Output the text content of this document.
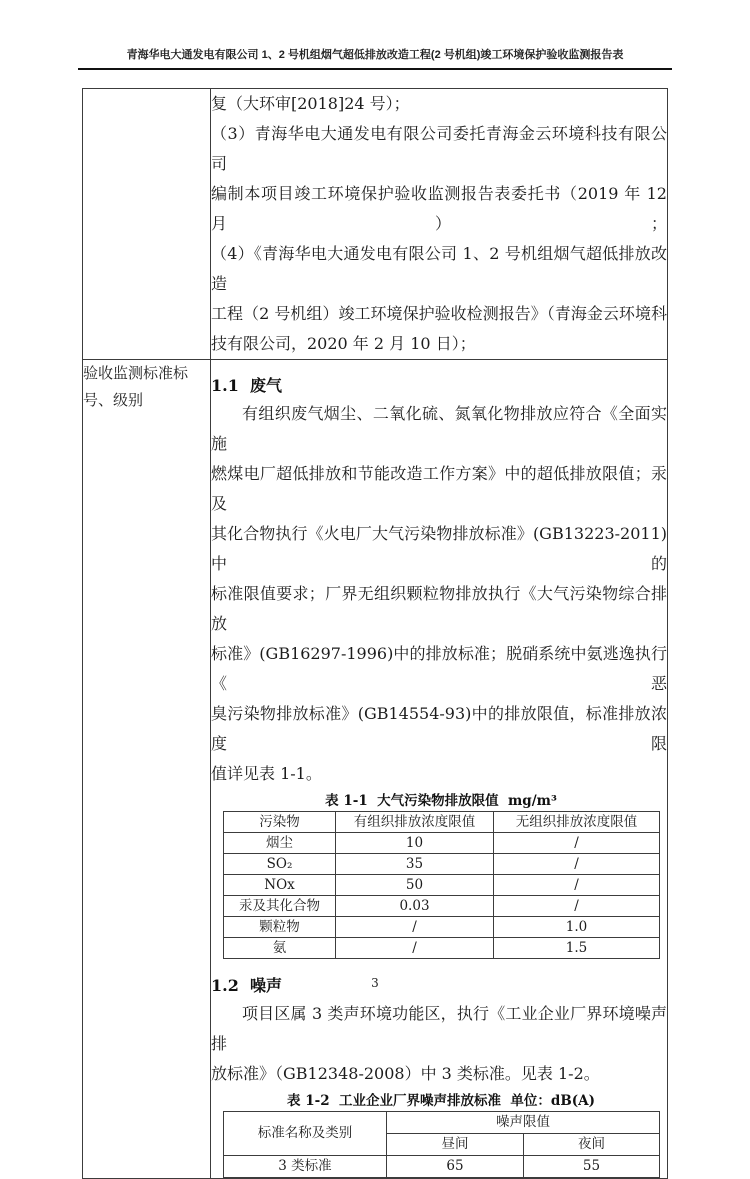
青海华电大通发电有限公司 1、2 号机组烟气超低排放改造工程(2 号机组)竣工环境保护验收监测报告表

复（大环审[2018]24 号）；
（3）青海华电大通发电有限公司委托青海金云环境科技有限公司
编制本项目竣工环境保护验收监测报告表委托书（2019 年 12 月）；
（4）《青海华电大通发电有限公司 1、2 号机组烟气超低排放改造
工程（2 号机组）竣工环境保护验收检测报告》（青海金云环境科
技有限公司，2020 年 2 月 10 日）；

验收监测标准标
号、级别

1.1  废气
有组织废气烟尘、二氧化硫、氮氧化物排放应符合《全面实施
燃煤电厂超低排放和节能改造工作方案》中的超低排放限值；汞及
其化合物执行《火电厂大气污染物排放标准》(GB13223-2011)中的
标准限值要求；厂界无组织颗粒物排放执行《大气污染物综合排放
标准》(GB16297-1996)中的排放标准；脱硝系统中氨逃逸执行《恶
臭污染物排放标准》(GB14554-93)中的排放限值，标准排放浓度限
值详见表 1-1。
表 1-1  大气污染物排放限值  mg/m³
污染物	有组织排放浓度限值	无组织排放浓度限值
烟尘	10	/
SO₂	35	/
NOx	50	/
汞及其化合物	0.03	/
颗粒物	/	1.0
氨	/	1.5
1.2  噪声
项目区属 3 类声环境功能区，执行《工业企业厂界环境噪声排
放标准》（GB12348-2008）中 3 类标准。见表 1-2。
表 1-2  工业企业厂界噪声排放标准  单位：dB(A)
标准名称及类别	噪声限值
昼间	夜间
3 类标准	65	55
3
